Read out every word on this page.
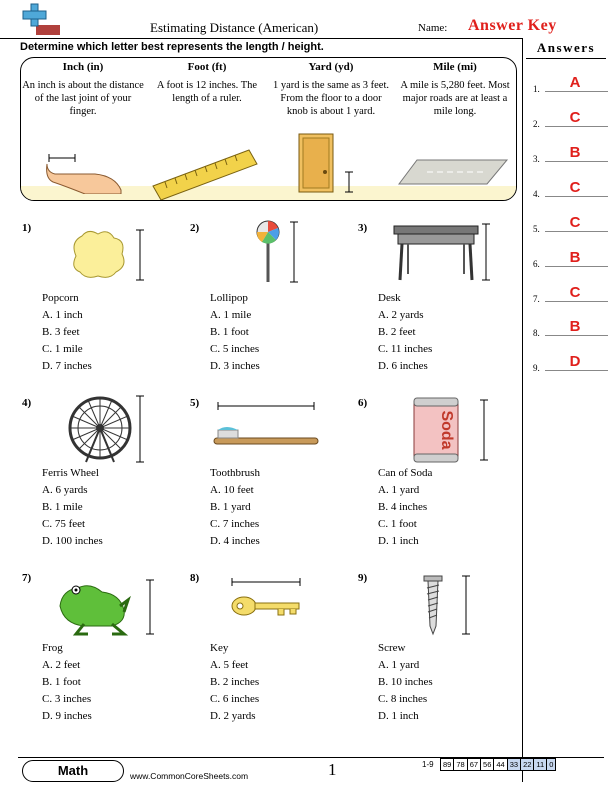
Estimating Distance (American)	Name: Answer Key
Determine which letter best represents the length / height.
Inch (in)
An inch is about the distance of the last joint of your finger.
Foot (ft)
A foot is 12 inches. The length of a ruler.
Yard (yd)
1 yard is the same as 3 feet. From the floor to a door knob is about 1 yard.
Mile (mi)
A mile is 5,280 feet. Most major roads are at least a mile long.
1)
Popcorn
A. 1 inch
B. 3 feet
C. 1 mile
D. 7 inches
2)
Lollipop
A. 1 mile
B. 1 foot
C. 5 inches
D. 3 inches
3)
Desk
A. 2 yards
B. 2 feet
C. 11 inches
D. 6 inches
4)
Ferris Wheel
A. 6 yards
B. 1 mile
C. 75 feet
D. 100 inches
5)
Toothbrush
A. 10 feet
B. 1 yard
C. 7 inches
D. 4 inches
6)
Soda
Can of Soda
A. 1 yard
B. 4 inches
C. 1 foot
D. 1 inch
7)
Frog
A. 2 feet
B. 1 foot
C. 3 inches
D. 9 inches
8)
Key
A. 5 feet
B. 2 inches
C. 6 inches
D. 2 yards
9)
Screw
A. 1 yard
B. 10 inches
C. 8 inches
D. 1 inch
Answers
1.	A
2.	C
3.	B
4.	C
5.	C
6.	B
7.	C
8.	B
9.	D
Math	www.CommonCoreSheets.com	1	1-9	89 78 67 56 44 33 22 11 0
